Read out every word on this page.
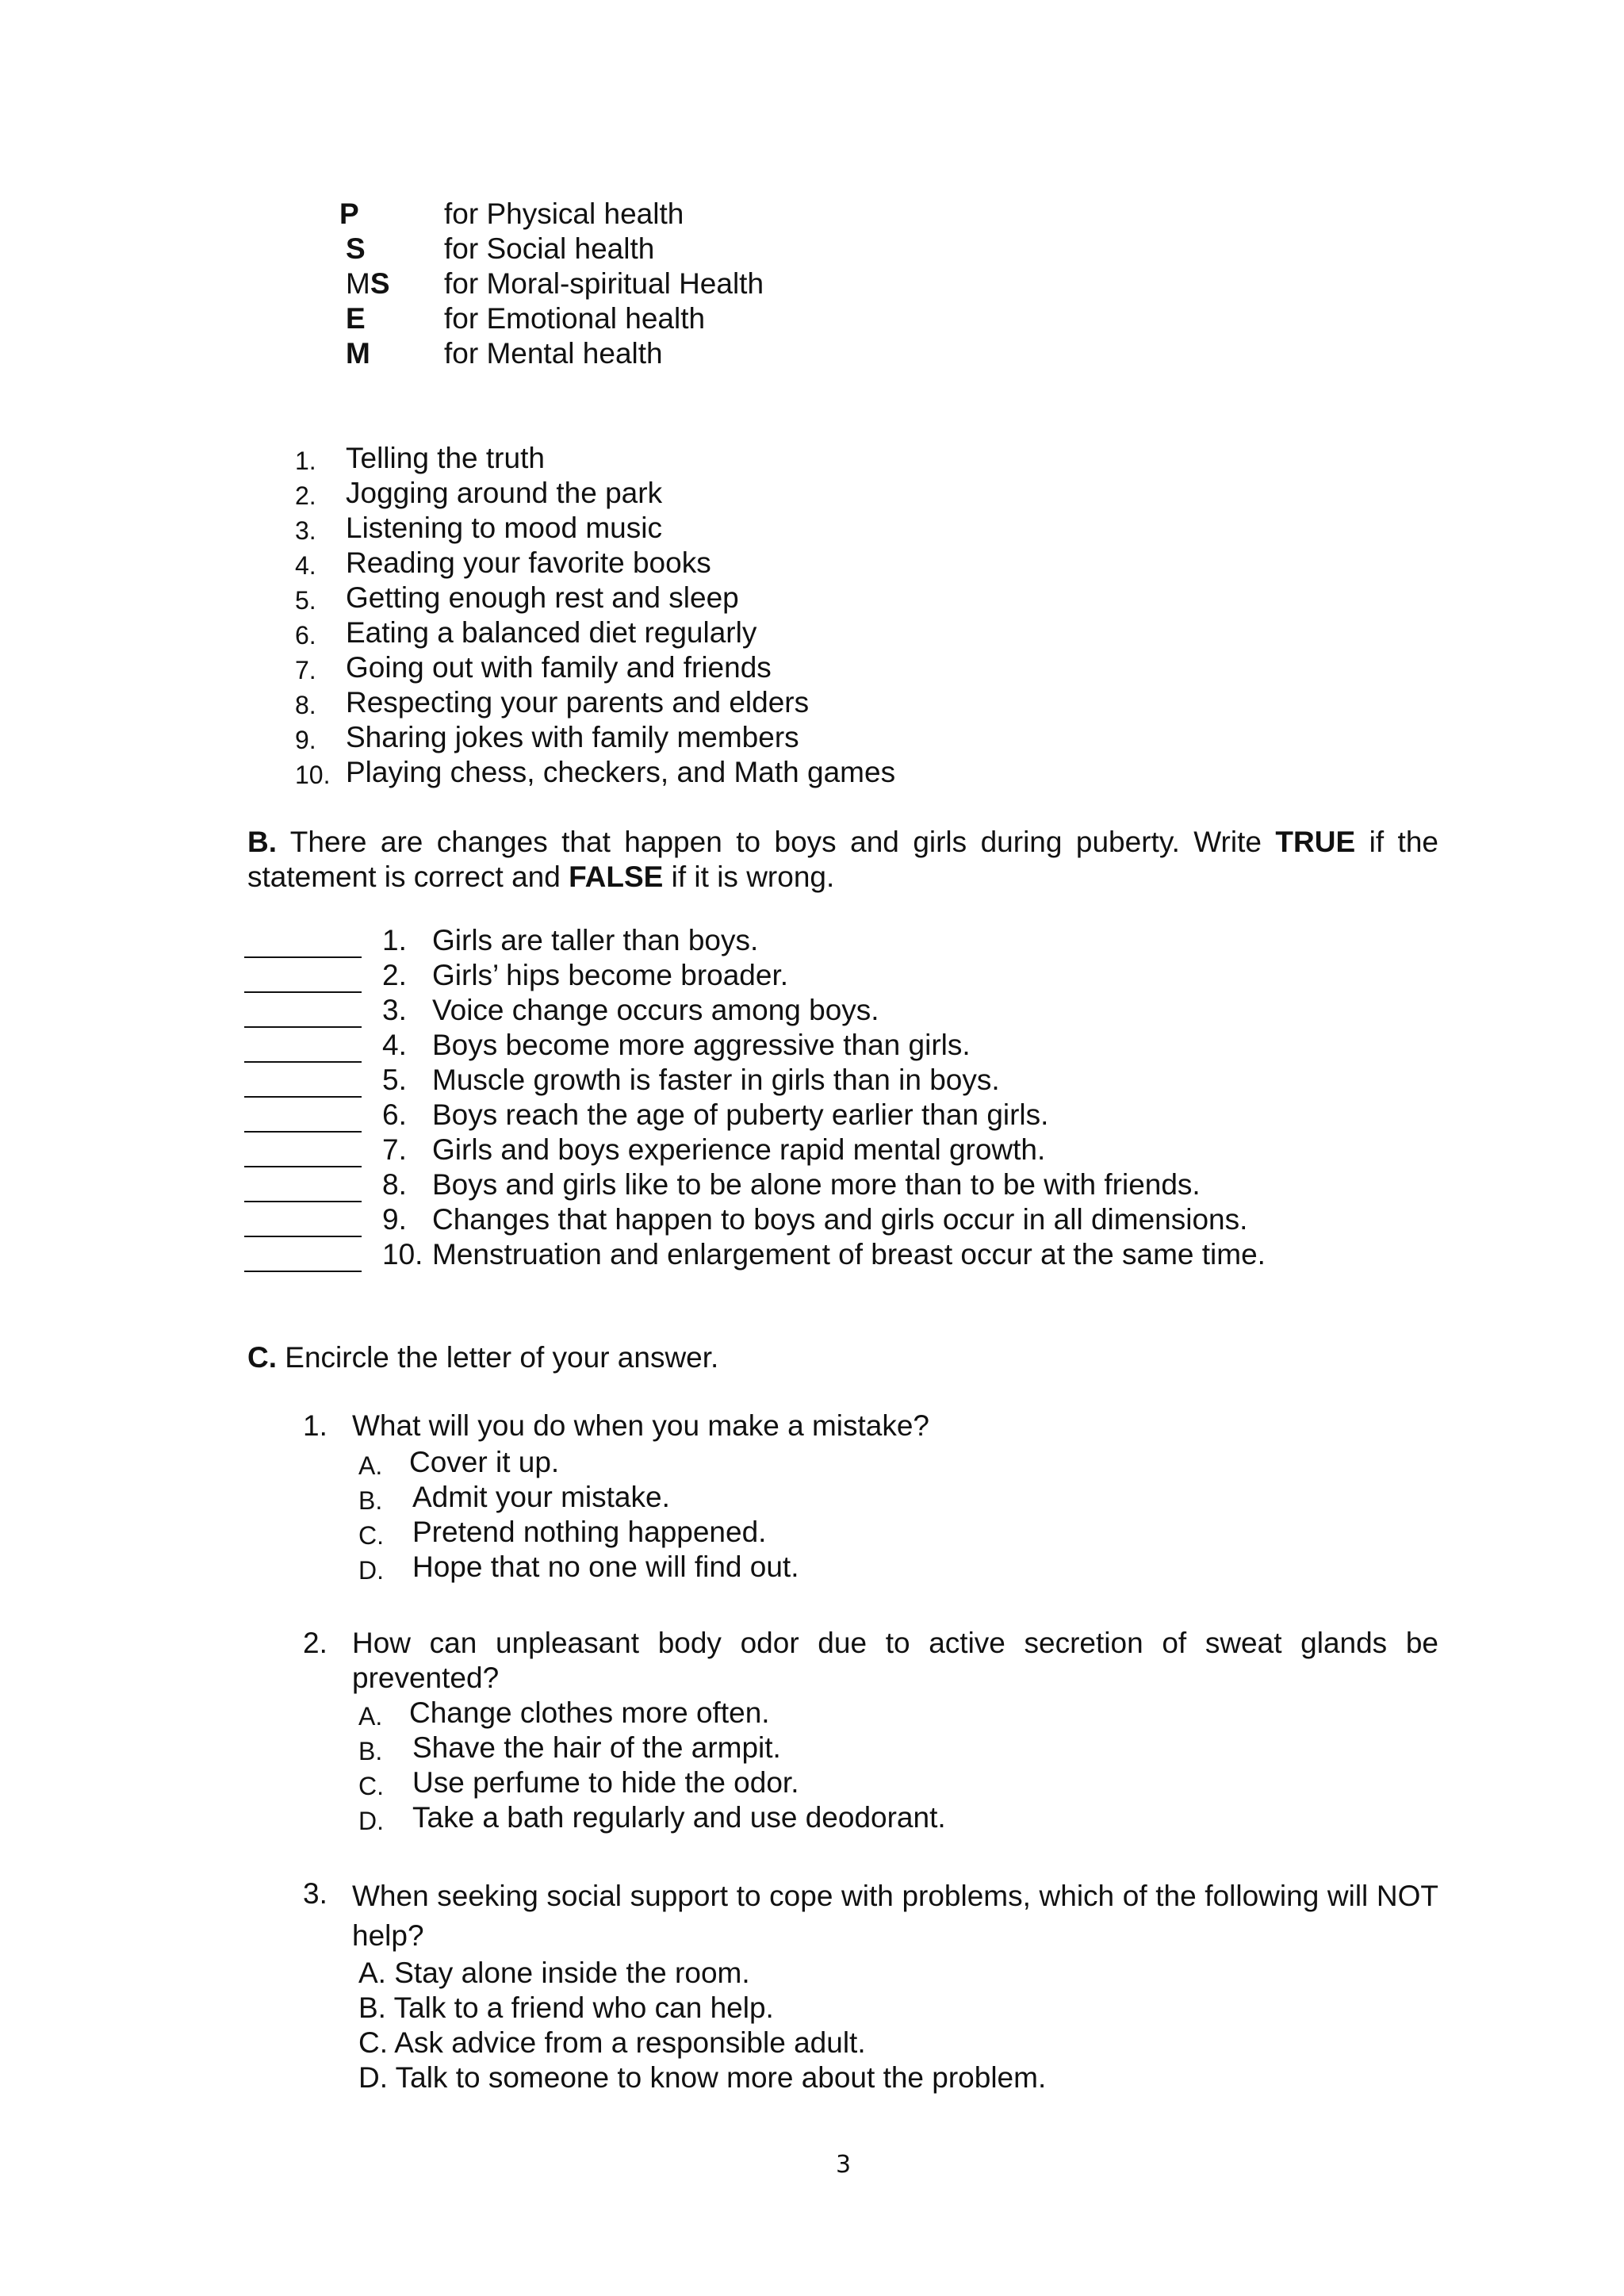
P	for Physical health
S	for Social health
MS for Moral-spiritual Health
E	for Emotional health
M	for Mental health
1. Telling the truth
2. Jogging around the park
3. Listening to mood music
4. Reading your favorite books
5. Getting enough rest and sleep
6. Eating a balanced diet regularly
7. Going out with family and friends
8. Respecting your parents and elders
9. Sharing jokes with family members
10. Playing chess, checkers, and Math games
B. There are changes that happen to boys and girls during puberty. Write TRUE if the statement is correct and FALSE if it is wrong.
1. Girls are taller than boys.
2. Girls’ hips become broader.
3. Voice change occurs among boys.
4. Boys become more aggressive than girls.
5. Muscle growth is faster in girls than in boys.
6. Boys reach the age of puberty earlier than girls.
7. Girls and boys experience rapid mental growth.
8. Boys and girls like to be alone more than to be with friends.
9. Changes that happen to boys and girls occur in all dimensions.
10. Menstruation and enlargement of breast occur at the same time.
C. Encircle the letter of your answer.
1. What will you do when you make a mistake?
A. Cover it up.
B. Admit your mistake.
C. Pretend nothing happened.
D. Hope that no one will find out.
2. How can unpleasant body odor due to active secretion of sweat glands be prevented?
A. Change clothes more often.
B. Shave the hair of the armpit.
C. Use perfume to hide the odor.
D. Take a bath regularly and use deodorant.
3. When seeking social support to cope with problems, which of the following will NOT help?
A. Stay alone inside the room.
B. Talk to a friend who can help.
C. Ask advice from a responsible adult.
D. Talk to someone to know more about the problem.
3
